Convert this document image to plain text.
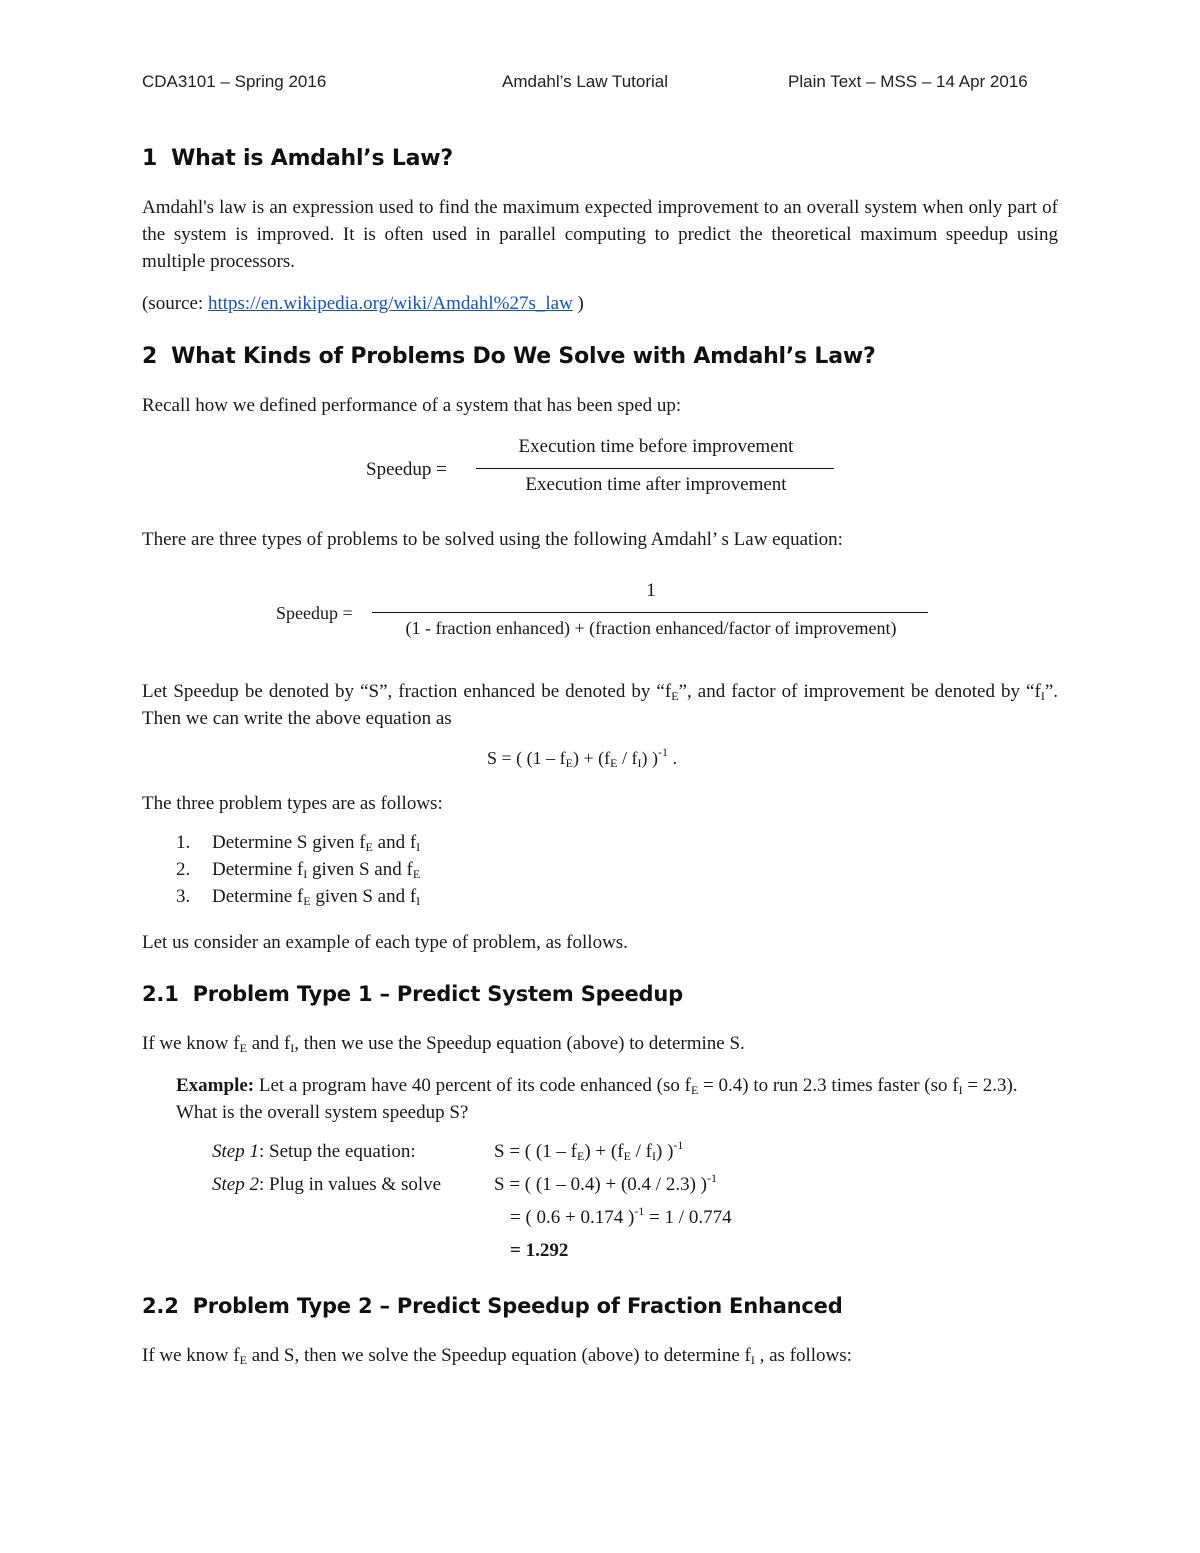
CDA3101 – Spring 2016	Amdahl’s Law Tutorial	Plain Text – MSS – 14 Apr 2016
1 What is Amdahl’s Law?
Amdahl's law is an expression used to find the maximum expected improvement to an overall system when only part of the system is improved. It is often used in parallel computing to predict the theoretical maximum speedup using multiple processors.
(source: https://en.wikipedia.org/wiki/Amdahl%27s_law )
2 What Kinds of Problems Do We Solve with Amdahl’s Law?
Recall how we defined performance of a system that has been sped up:
Speedup =
Execution time before improvement
Execution time after improvement
There are three types of problems to be solved using the following Amdahl’ s Law equation:
Speedup =
1
(1 - fraction enhanced) + (fraction enhanced/factor of improvement)
Let Speedup be denoted by “S”, fraction enhanced be denoted by “$f_E$”, and factor of improvement be denoted by “$f_I$”. Then we can write the above equation as
S = ( $(1 - f_E) + (f_E / f_I)$ )$^{-1}$ .
The three problem types are as follows:
1. Determine S given $f_E$ and $f_I$
2. Determine $f_I$ given S and $f_E$
3. Determine $f_E$ given S and $f_I$
Let us consider an example of each type of problem, as follows.
2.1 Problem Type 1 – Predict System Speedup
If we know $f_E$ and $f_I$, then we use the Speedup equation (above) to determine S.
Example: Let a program have 40 percent of its code enhanced (so $f_E = 0.4$) to run 2.3 times faster (so $f_I = 2.3$). What is the overall system speedup S?
Step 1: Setup the equation:	S = ( $(1 - f_E) + (f_E / f_I)$ )$^{-1}$
Step 2: Plug in values & solve	S = ( (1 – 0.4) + (0.4 / 2.3) )$^{-1}$
= ( 0.6 + 0.174 )$^{-1}$ = 1 / 0.774
= 1.292
2.2 Problem Type 2 – Predict Speedup of Fraction Enhanced
If we know $f_E$ and S, then we solve the Speedup equation (above) to determine $f_I$ , as follows:
